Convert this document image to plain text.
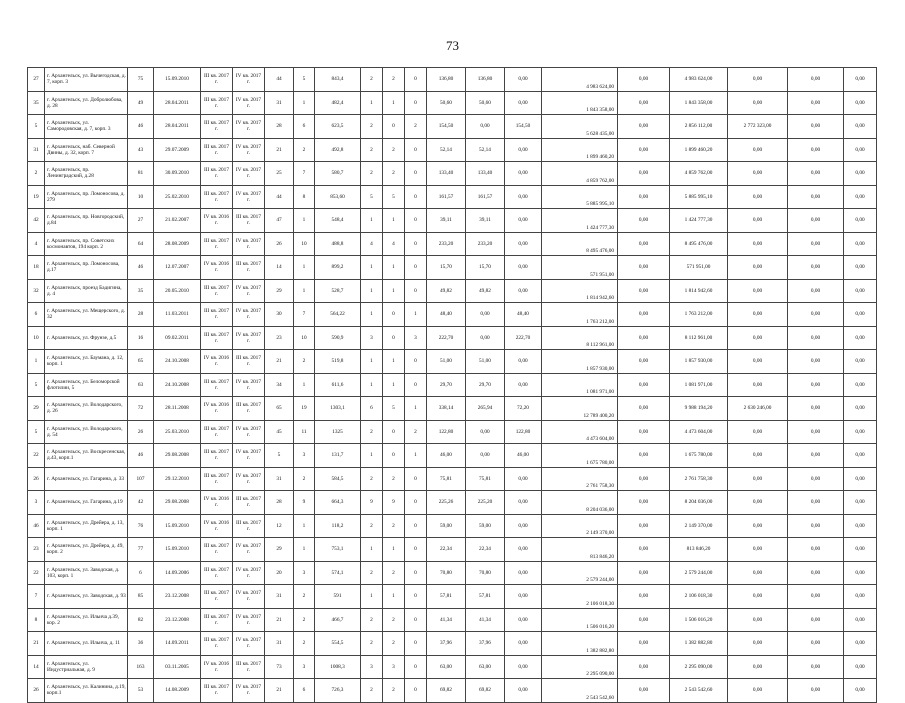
73
27	г. Архангельск, ул. Вычегодская, д. 7, корп. 3	75	15.09.2010	III кв. 2017 г.	IV кв. 2017 г.	44	5	843,4	2	2	0	136,80	136,80	0,00	4 983 624,00	0,00	4 983 624,00	0,00	0,00	0,00
35	г. Архангельск, ул. Добролюбова, д. 28	49	28.04.2011	III кв. 2017 г.	IV кв. 2017 г.	31	1	482,4	1	1	0	50,60	50,60	0,00	1 843 358,00	0,00	1 843 358,00	0,00	0,00	0,00
5	г. Архангельск, ул. Самородовская, д. 7, корп. 3	46	28.04.2011	III кв. 2017 г.	IV кв. 2017 г.	28	6	623,5	2	0	2	154,50	0,00	154,50	5 628 435,00	0,00	2 856 112,00	2 772 323,00	0,00	0,00
31	г. Архангельск, наб. Северной Двины, д. 32, корп. 7	43	29.07.2009	III кв. 2017 г.	IV кв. 2017 г.	21	2	492,8	2	2	0	52,14	52,14	0,00	1 899 460,20	0,00	1 899 460,20	0,00	0,00	0,00
2	г. Архангельск, пр. Ленинградский, д.28	81	30.09.2010	III кв. 2017 г.	IV кв. 2017 г.	25	7	580,7	2	2	0	133,40	133,40	0,00	4 859 762,00	0,00	4 859 762,00	0,00	0,00	0,00
19	г. Архангельск, пр. Ломоносова, д. 279	10	25.02.2010	III кв. 2017 г.	IV кв. 2017 г.	44	8	853,60	5	5	0	161,57	161,57	0,00	5 885 995,10	0,00	5 885 995,10	0,00	0,00	0,00
42	г. Архангельск, пр. Новгородский, д.84	27	21.02.2007	IV кв. 2016 г.	III кв. 2017 г.	47	1	548,4	1	1	0	39,11	39,11	0,00	1 424 777,30	0,00	1 424 777,30	0,00	0,00	0,00
4	г. Архангельск, пр. Советских космонавтов, 194 корп. 2	64	28.08.2009	III кв. 2017 г.	IV кв. 2017 г.	26	10	488,8	4	4	0	233,20	233,20	0,00	8 495 476,00	0,00	8 495 476,00	0,00	0,00	0,00
18	г. Архангельск, пр. Ломоносова, д.17	46	12.07.2007	IV кв. 2016 г.	III кв. 2017 г.	14	1	899,2	1	1	0	15,70	15,70	0,00	571 951,00	0,00	571 951,00	0,00	0,00	0,00
32	г. Архангельск, проезд Бадигина, д. 4	35	20.05.2010	III кв. 2017 г.	IV кв. 2017 г.	29	1	528,7	1	1	0	49,82	49,82	0,00	1 814 942,60	0,00	1 814 942,60	0,00	0,00	0,00
6	г. Архангельск, ул. Мещерского, д. 32	28	11.03.2011	III кв. 2017 г.	IV кв. 2017 г.	30	7	564,22	1	0	1	48,40	0,00	48,40	1 763 212,00	0,00	1 763 212,00	0,00	0,00	0,00
10	г. Архангельск, ул. Фрунзе, д.5	16	09.02.2011	III кв. 2017 г.	IV кв. 2017 г.	23	10	590,9	3	0	3	222,70	0,00	222,70	8 112 961,00	0,00	8 112 961,00	0,00	0,00	0,00
1	г. Архангельск, ул. Баумана, д. 12, корп. 1	65	24.10.2008	IV кв. 2016 г.	III кв. 2017 г.	21	2	519,8	1	1	0	51,00	51,00	0,00	1 857 930,00	0,00	1 857 930,00	0,00	0,00	0,00
5	г. Архангельск, ул. Беломорской флотилии, 5	63	24.10.2008	III кв. 2017 г.	IV кв. 2017 г.	34	1	611,6	1	1	0	29,70	29,70	0,00	1 081 971,00	0,00	1 081 971,00	0,00	0,00	0,00
29	г. Архангельск, ул. Володарского, д. 26	72	28.11.2008	IV кв. 2016 г.	III кв. 2017 г.	65	19	1303,1	6	5	1	338,14	265,94	72,20	12 789 400,20	0,00	9 988 194,20	2 630 246,00	0,00	0,00
5	г. Архангельск, ул. Володарского, д. 54	26	25.03.2010	III кв. 2017 г.	IV кв. 2017 г.	45	11	1325	2	0	2	122,80	0,00	122,80	4 473 604,00	0,00	4 473 604,00	0,00	0,00	0,00
22	г. Архангельск, ул. Воскресенская, д.43, корп.1	46	29.08.2008	III кв. 2017 г.	IV кв. 2017 г.	5	3	131,7	1	0	1	46,00	0,00	46,00	1 675 780,00	0,00	1 675 780,00	0,00	0,00	0,00
26	г. Архангельск, ул. Гагарина, д. 33	107	29.12.2010	III кв. 2017 г.	IV кв. 2017 г.	31	2	584,5	2	2	0	75,81	75,81	0,00	2 761 758,30	0,00	2 761 758,30	0,00	0,00	0,00
3	г. Архангельск, ул. Гагарина, д.19	42	29.08.2008	IV кв. 2016 г.	III кв. 2017 г.	28	9	664,3	9	9	0	225,26	225,20	0,00	8 204 036,00	0,00	8 204 036,00	0,00	0,00	0,00
46	г. Архангельск, ул. Дрейера, д. 13, корп. 1	76	15.09.2010	IV кв. 2016 г.	III кв. 2017 г.	12	1	118,2	2	2	0	59,00	59,00	0,00	2 149 370,00	0,00	2 149 370,00	0,00	0,00	0,00
23	г. Архангельск, ул. Дрейера, д. 49, корп. 2	77	15.09.2010	III кв. 2017 г.	IV кв. 2017 г.	29	1	753,1	1	1	0	22,34	22,34	0,00	813 846,20	0,00	813 846,20	0,00	0,00	0,00
22	г. Архангельск, ул. Заводская, д. 103, корп. 1	6	14.09.2006	III кв. 2017 г.	IV кв. 2017 г.	20	3	574,1	2	2	0	70,80	70,80	0,00	2 579 244,00	0,00	2 579 244,00	0,00	0,00	0,00
7	г. Архангельск, ул. Заводская, д. 93	85	23.12.2008	III кв. 2017 г.	IV кв. 2017 г.	31	2	591	1	1	0	57,81	57,81	0,00	2 106 018,30	0,00	2 106 018,30	0,00	0,00	0,00
8	г. Архангельск, ул. Ильича д.39, кор. 2	82	23.12.2008	III кв. 2017 г.	IV кв. 2017 г.	21	2	466,7	2	2	0	41,34	41,34	0,00	1 506 016,20	0,00	1 506 016,20	0,00	0,00	0,00
21	г. Архангельск, ул. Ильича, д. 11	36	14.09.2011	III кв. 2017 г.	IV кв. 2017 г.	31	2	554,5	2	2	0	37,96	37,96	0,00	1 382 882,80	0,00	1 382 882,80	0,00	0,00	0,00
14	г. Архангельск, ул. Индустриальная, д. 9	163	03.11.2005	IV кв. 2016 г.	III кв. 2017 г.	73	3	1008,3	3	3	0	63,00	63,00	0,00	2 295 090,00	0,00	2 295 090,00	0,00	0,00	0,00
26	г. Архангельск, ул. Калинина, д.19, корп.1	53	14.08.2009	III кв. 2017 г.	IV кв. 2017 г.	21	6	726,3	2	2	0	69,82	69,82	0,00	2 543 542,60	0,00	2 543 542,60	0,00	0,00	0,00
